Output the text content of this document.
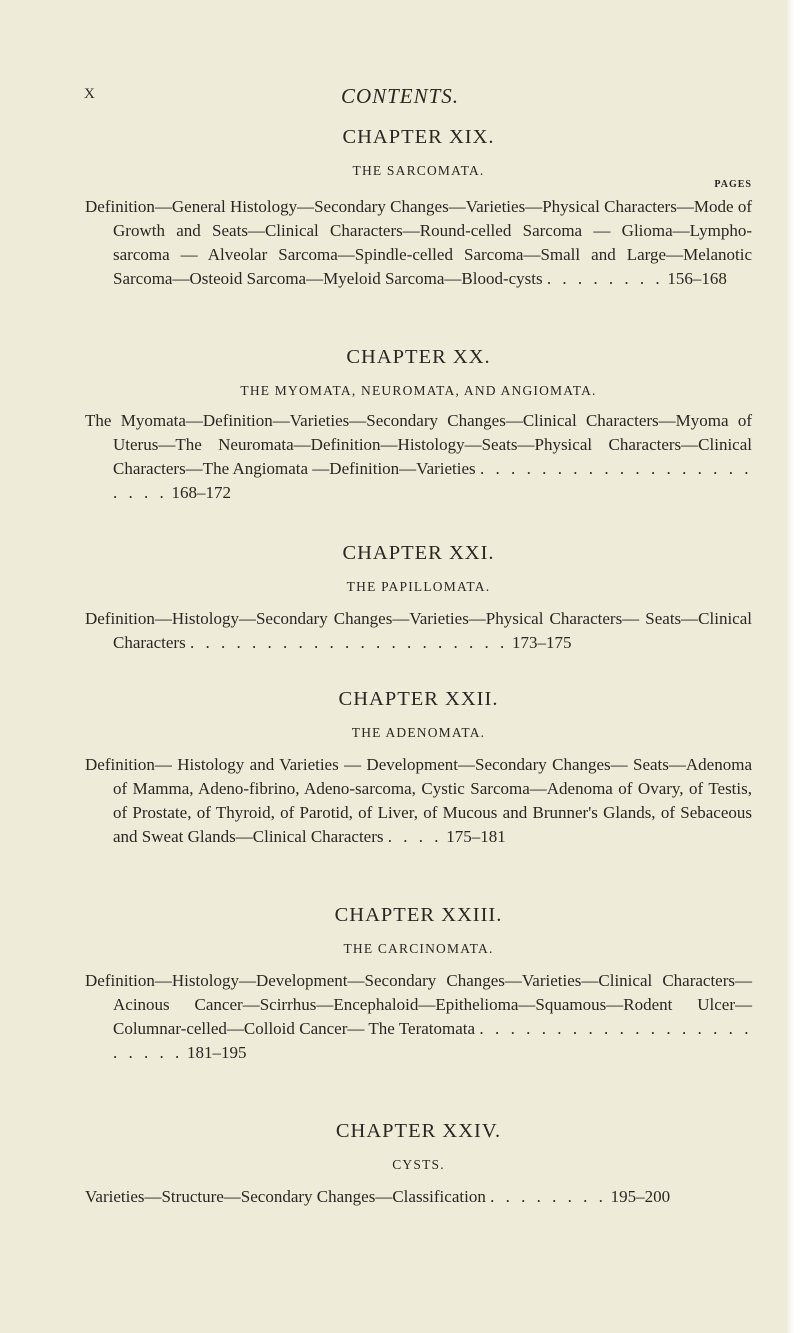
X	CONTENTS.

CHAPTER XIX.

THE SARCOMATA.

PAGES

Definition—General Histology—Secondary Changes—Varieties—Physical Characters—Mode of Growth and Seats—Clinical Characters—Round-celled Sarcoma — Glioma—Lympho-sarcoma — Alveolar Sarcoma—Spindle-celled Sarcoma—Small and Large—Melanotic Sarcoma—Osteoid Sarcoma—Myeloid Sarcoma—Blood-cysts . . . . . . . . 156–168

CHAPTER XX.

THE MYOMATA, NEUROMATA, AND ANGIOMATA.

The Myomata—Definition—Varieties—Secondary Changes—Clinical Characters—Myoma of Uterus—The Neuromata—Definition—Histology—Seats—Physical Characters—Clinical Characters—The Angiomata —Definition—Varieties . . . . . . . . . . . . . . . . . . . . . . 168–172

CHAPTER XXI.

THE PAPILLOMATA.

Definition—Histology—Secondary Changes—Varieties—Physical Characters— Seats—Clinical Characters . . . . . . . . . . . . . . . . . . . . . 173–175

CHAPTER XXII.

THE ADENOMATA.

Definition— Histology and Varieties — Development—Secondary Changes— Seats—Adenoma of Mamma, Adeno-fibrino, Adeno-sarcoma, Cystic Sarcoma—Adenoma of Ovary, of Testis, of Prostate, of Thyroid, of Parotid, of Liver, of Mucous and Brunner's Glands, of Sebaceous and Sweat Glands—Clinical Characters . . . . 175–181

CHAPTER XXIII.

THE CARCINOMATA.

Definition—Histology—Development—Secondary Changes—Varieties—Clinical Characters—Acinous Cancer—Scirrhus—Encephaloid—Epithelioma—Squamous—Rodent Ulcer—Columnar-celled—Colloid Cancer— The Teratomata . . . . . . . . . . . . . . . . . . . . . . . 181–195

CHAPTER XXIV.

CYSTS.

Varieties—Structure—Secondary Changes—Classification . . . . . . . . 195–200
